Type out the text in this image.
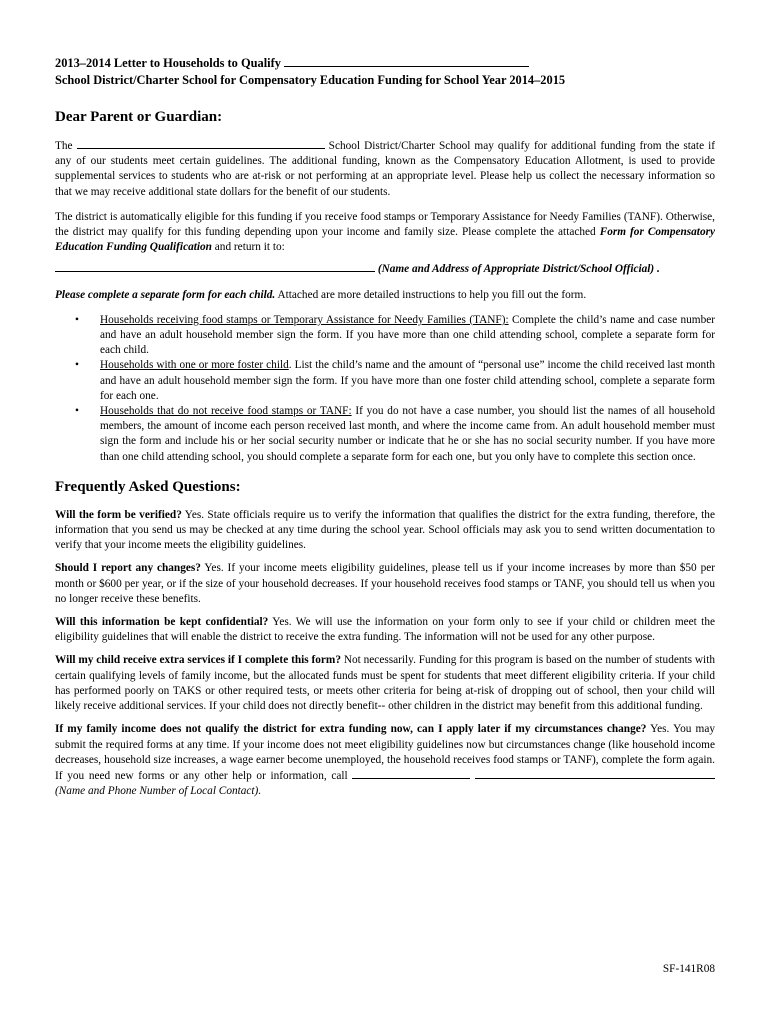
2013–2014 Letter to Households to Qualify

School District/Charter School for Compensatory Education Funding for School Year 2014–2015

Dear Parent or Guardian:

The	School District/Charter School may qualify for additional funding from the state if any of our students meet certain guidelines. The additional funding, known as the Compensatory Education Allotment, is used to provide supplemental services to students who are at-risk or not performing at an appropriate level. Please help us collect the necessary information so that we may receive additional state dollars for the benefit of our students.

The district is automatically eligible for this funding if you receive food stamps or Temporary Assistance for Needy Families (TANF). Otherwise, the district may qualify for this funding depending upon your income and family size. Please complete the attached Form for Compensatory Education Funding Qualification and return it to:

(Name and Address of Appropriate District/School Official) .

Please complete a separate form for each child. Attached are more detailed instructions to help you fill out the form.

• Households receiving food stamps or Temporary Assistance for Needy Families (TANF): Complete the child’s name and case number and have an adult household member sign the form. If you have more than one child attending school, complete a separate form for each child.
• Households with one or more foster child. List the child’s name and the amount of “personal use” income the child received last month and have an adult household member sign the form. If you have more than one foster child attending school, complete a separate form for each one.
• Households that do not receive food stamps or TANF: If you do not have a case number, you should list the names of all household members, the amount of income each person received last month, and where the income came from. An adult household member must sign the form and include his or her social security number or indicate that he or she has no social security number. If you have more than one child attending school, you should complete a separate form for each one, but you only have to complete this section once.

Frequently Asked Questions:

Will the form be verified? Yes. State officials require us to verify the information that qualifies the district for the extra funding, therefore, the information that you send us may be checked at any time during the school year. School officials may ask you to send written documentation to verify that your income meets the eligibility guidelines.

Should I report any changes? Yes. If your income meets eligibility guidelines, please tell us if your income increases by more than $50 per month or $600 per year, or if the size of your household decreases. If your household receives food stamps or TANF, you should tell us when you no longer receive these benefits.

Will this information be kept confidential? Yes. We will use the information on your form only to see if your child or children meet the eligibility guidelines that will enable the district to receive the extra funding. The information will not be used for any other purpose.

Will my child receive extra services if I complete this form? Not necessarily. Funding for this program is based on the number of students with certain qualifying levels of family income, but the allocated funds must be spent for students that meet different eligibility criteria. If your child has performed poorly on TAKS or other required tests, or meets other criteria for being at-risk of dropping out of school, then your child will likely receive additional services. If your child does not directly benefit-- other children in the district may benefit from this additional funding.

If my family income does not qualify the district for extra funding now, can I apply later if my circumstances change? Yes. You may submit the required forms at any time. If your income does not meet eligibility guidelines now but circumstances change (like household income decreases, household size increases, a wage earner become unemployed, the household receives food stamps or TANF), complete the form again. If you need new forms or any other help or information, call   (Name and Phone Number of Local Contact).

SF-141R08
